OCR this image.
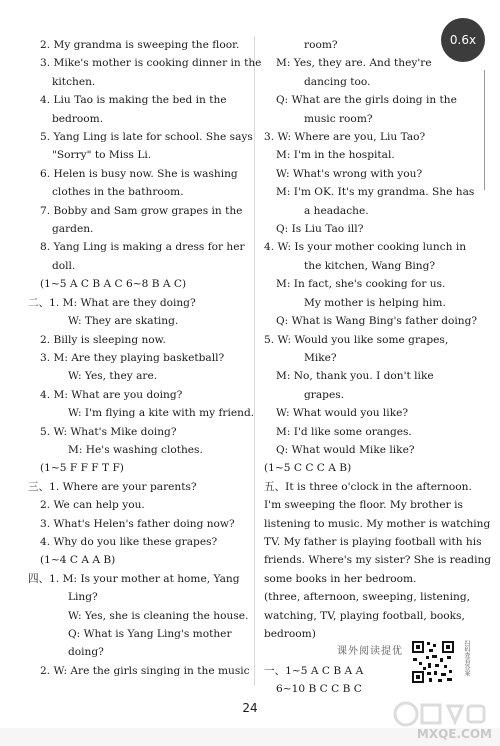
0.6x
2. My grandma is sweeping the floor.
3. Mike's mother is cooking dinner in the
kitchen.
4. Liu Tao is making the bed in the
bedroom.
5. Yang Ling is late for school. She says
"Sorry" to Miss Li.
6. Helen is busy now. She is washing
clothes in the bathroom.
7. Bobby and Sam grow grapes in the
garden.
8. Yang Ling is making a dress for her
doll.
(1~5 A C B A C 6~8 B A C)
二、1. M: What are they doing?
W: They are skating.
2. Billy is sleeping now.
3. M: Are they playing basketball?
W: Yes, they are.
4. M: What are you doing?
W: I'm flying a kite with my friend.
5. W: What's Mike doing?
M: He's washing clothes.
(1~5 F F F T F)
三、1. Where are your parents?
2. We can help you.
3. What's Helen's father doing now?
4. Why do you like these grapes?
(1~4 C A A B)
四、1. M: Is your mother at home, Yang
Ling?
W: Yes, she is cleaning the house.
Q: What is Yang Ling's mother
doing?
2. W: Are the girls singing in the music
room?
M: Yes, they are. And they're
dancing too.
Q: What are the girls doing in the
music room?
3. W: Where are you, Liu Tao?
M: I'm in the hospital.
W: What's wrong with you?
M: I'm OK. It's my grandma. She has
a headache.
Q: Is Liu Tao ill?
4. W: Is your mother cooking lunch in
the kitchen, Wang Bing?
M: In fact, she's cooking for us.
My mother is helping him.
Q: What is Wang Bing's father doing?
5. W: Would you like some grapes,
Mike?
M: No, thank you. I don't like
grapes.
W: What would you like?
M: I'd like some oranges.
Q: What would Mike like?
(1~5 C C C A B)
五、It is three o'clock in the afternoon.
I'm sweeping the floor. My brother is
listening to music. My mother is watching
TV. My father is playing football with his
friends. Where's my sister? She is reading
some books in her bedroom.
(three, afternoon, sweeping, listening,
watching, TV, playing football, books,
bedroom)
课外阅读提优
一、1~5 A C B A A
6~10 B C C B C
扫码查看答案
24
MXQE.COM
